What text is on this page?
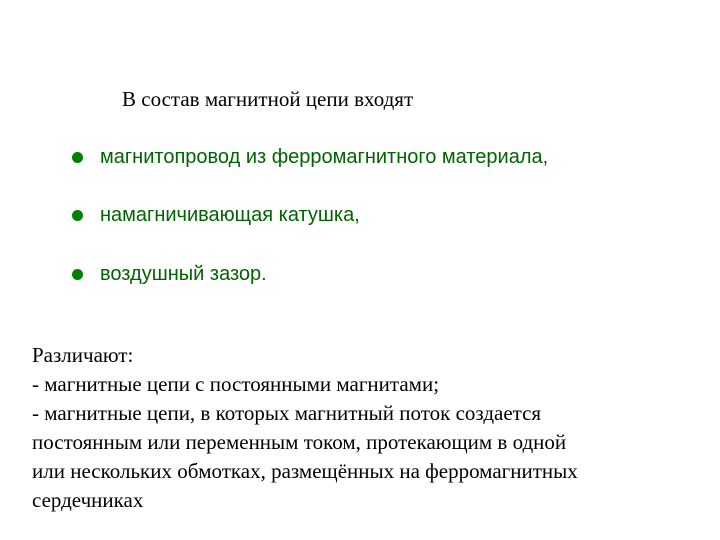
В состав магнитной цепи входят
магнитопровод из ферромагнитного материала,
намагничивающая катушка,
воздушный зазор.
Различают:
- магнитные цепи с постоянными магнитами;
- магнитные цепи, в которых магнитный поток создается
постоянным или переменным током, протекающим в одной
или нескольких обмотках, размещённых на ферромагнитных
сердечниках
